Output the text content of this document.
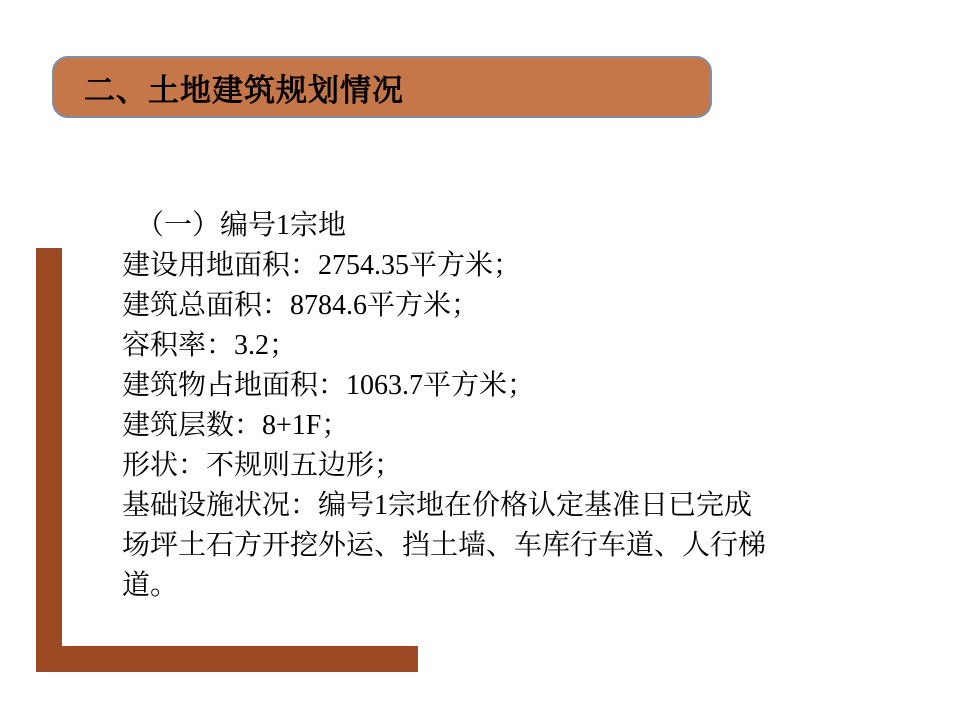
二、土地建筑规划情况
（一）编号1宗地
建设用地面积：2754.35平方米；
建筑总面积：8784.6平方米；
容积率：3.2；
建筑物占地面积：1063.7平方米；
建筑层数：8+1F；
形状：不规则五边形；
基础设施状况：编号1宗地在价格认定基准日已完成
场坪土石方开挖外运、挡土墙、车库行车道、人行梯
道。
